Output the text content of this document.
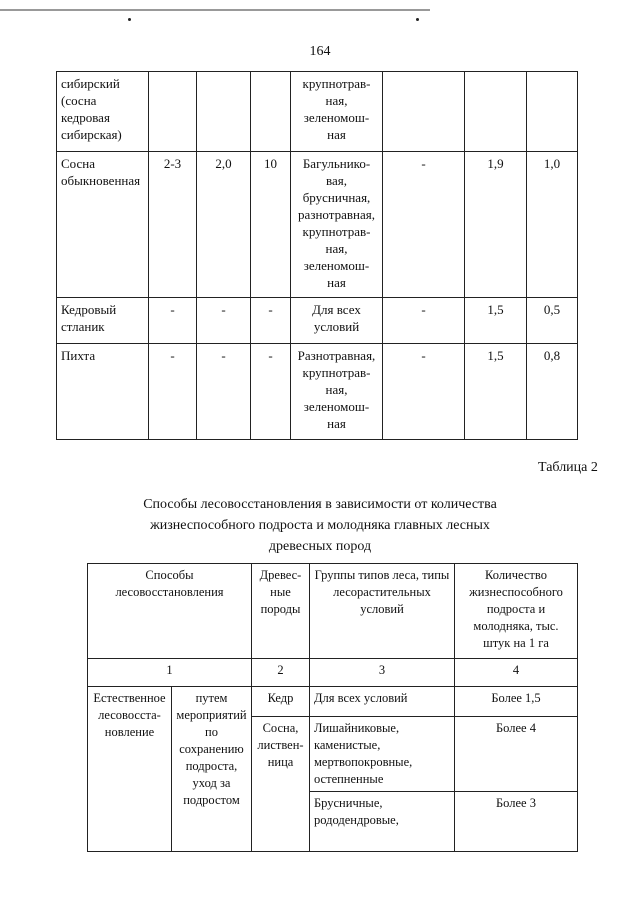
164
сибирский (сосна кедровая сибирская)				крупнотрав-ная, зеленомош-ная			
Сосна обыкновенная	2-3	2,0	10	Багульнико-вая, брусничная, разнотравная, крупнотрав-ная, зеленомош-ная	-	1,9	1,0
Кедровый стланик	-	-	-	Для всех условий	-	1,5	0,5
Пихта	-	-	-	Разнотравная, крупнотрав-ная, зеленомош-ная	-	1,5	0,8
Таблица 2
Способы лесовосстановления в зависимости от количества жизнеспособного подроста и молодняка главных лесных древесных пород
Способы лесовосстановления		Древес-ные породы	Группы типов леса, типы лесорастительных условий	Количество жизнеспособного подроста и молодняка, тыс. штук на 1 га
1		2	3	4
Естественное лесовосста-новление	путем мероприятий по сохранению подроста, уход за подростом	Кедр	Для всех условий	Более 1,5
		Сосна, листвен-ница	Лишайниковые, каменистые, мертвопокровные, остепненные	Более 4
			Брусничные, рододендровые,	Более 3
